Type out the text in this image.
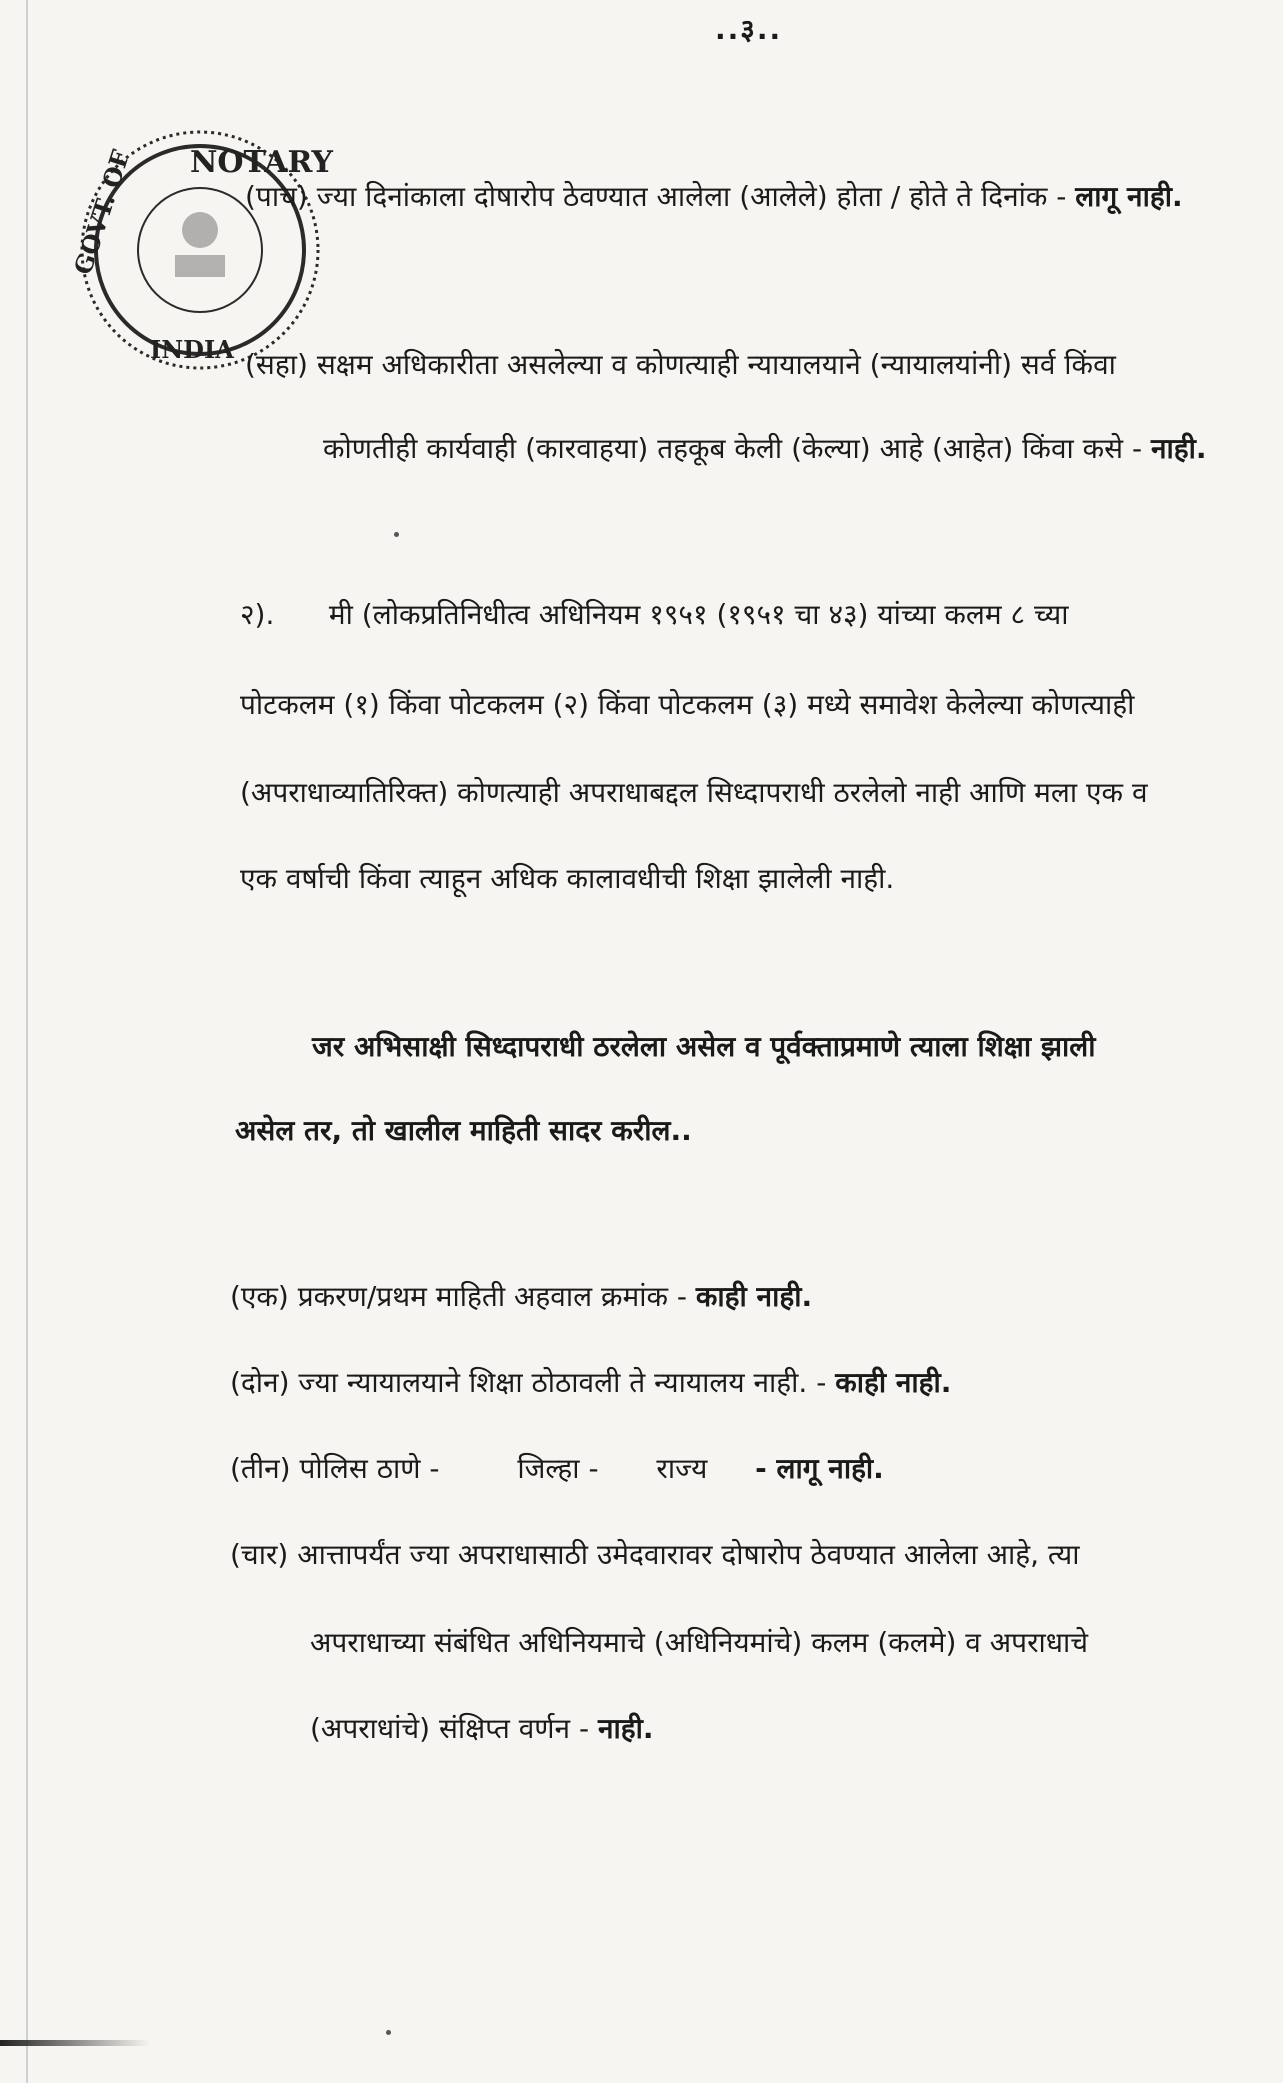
..३..
NOTARY
GOVT. OF
INDIA
(पाच) ज्या दिनांकाला दोषारोप ठेवण्यात आलेला (आलेले) होता / होते ते दिनांक - लागू नाही.
(सहा) सक्षम अधिकारीता असलेल्या व कोणत्याही न्यायालयाने (न्यायालयांनी) सर्व किंवा
कोणतीही कार्यवाही (कारवाहया) तहकूब केली (केल्या) आहे (आहेत) किंवा कसे - नाही.
२). मी (लोकप्रतिनिधीत्व अधिनियम १९५१ (१९५१ चा ४३) यांच्या कलम ८ च्या
पोटकलम (१) किंवा पोटकलम (२) किंवा पोटकलम (३) मध्ये समावेश केलेल्या कोणत्याही
(अपराधाव्यातिरिक्त) कोणत्याही अपराधाबद्दल सिध्दापराधी ठरलेलो नाही आणि मला एक व
एक वर्षाची किंवा त्याहून अधिक कालावधीची शिक्षा झालेली नाही.
जर अभिसाक्षी सिध्दापराधी ठरलेला असेल व पूर्वक्ताप्रमाणे त्याला शिक्षा झाली
असेल तर, तो खालील माहिती सादर करील..
(एक) प्रकरण/प्रथम माहिती अहवाल क्रमांक - काही नाही.
(दोन) ज्या न्यायालयाने शिक्षा ठोठावली ते न्यायालय नाही. - काही नाही.
(तीन) पोलिस ठाणे -	जिल्हा - राज्य - लागू नाही.
(चार) आत्तापर्यंत ज्या अपराधासाठी उमेदवारावर दोषारोप ठेवण्यात आलेला आहे, त्या
अपराधाच्या संबंधित अधिनियमाचे (अधिनियमांचे) कलम (कलमे) व अपराधाचे
(अपराधांचे) संक्षिप्त वर्णन - नाही.
